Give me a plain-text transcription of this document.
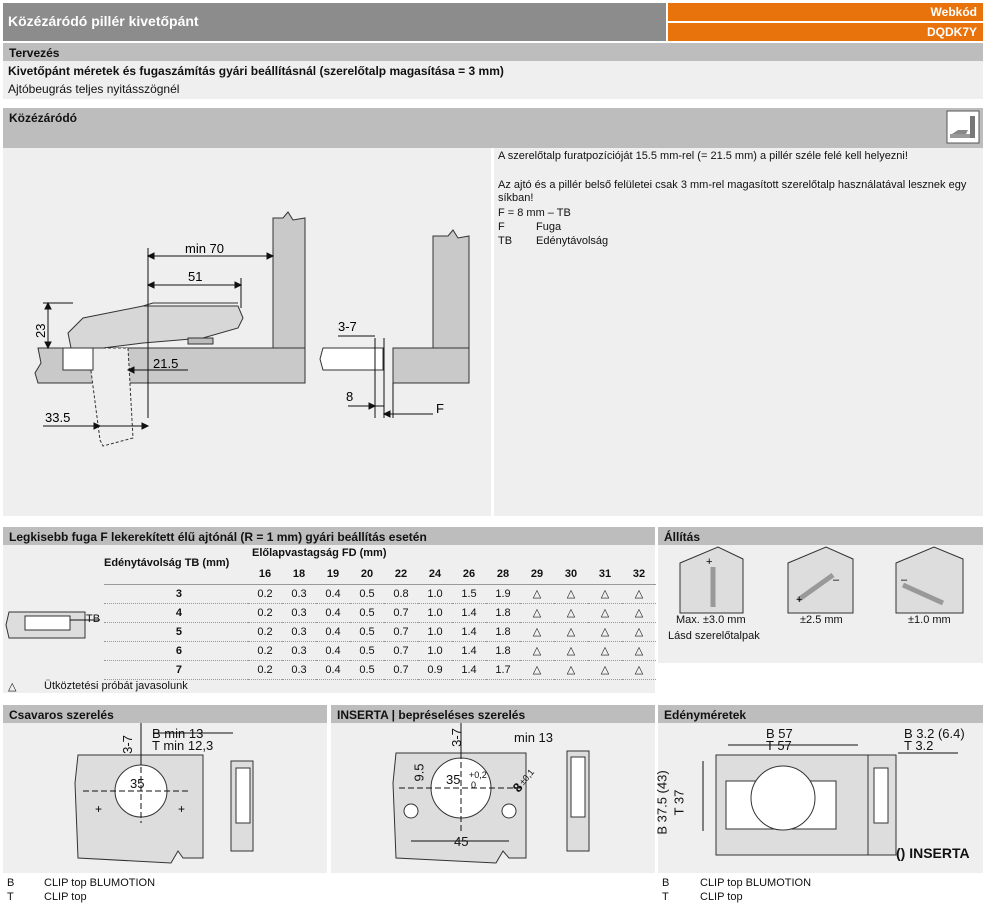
Közézáródó pillér kivetőpánt
Webkód
DQDK7Y
Tervezés
Kivetőpánt méretek és fugaszámítás gyári beállításnál (szerelőtalp magasítása = 3 mm)
Ajtóbeugrás teljes nyitásszögnél
Közézáródó
min 70
51
23
21.5
33.5
3-7
8
F
A szerelőtalp furatpozícióját 15.5 mm-rel (= 21.5 mm) a pillér széle felé kell helyezni!
Az ajtó és a pillér belső felületei csak 3 mm-rel magasított szerelőtalp használatával lesznek egy síkban!
F = 8 mm – TB
F	Fuga
TB Edénytávolság
Legkisebb fuga F lekerekített élű ajtónál (R = 1 mm) gyári beállítás esetén
TB
Edénytávolság TB (mm)
Előlapvastagság FD (mm)
	16	18	19	20	22	24	26	28	29	30	31	32
3	0.2	0.3	0.4	0.5	0.8	1.0	1.5	1.9	△	△	△	△
4	0.2	0.3	0.4	0.5	0.7	1.0	1.4	1.8	△	△	△	△
5	0.2	0.3	0.4	0.5	0.7	1.0	1.4	1.8	△	△	△	△
6	0.2	0.3	0.4	0.5	0.7	1.0	1.4	1.8	△	△	△	△
7	0.2	0.3	0.4	0.5	0.7	0.9	1.4	1.7	△	△	△	△
△	Ütköztetési próbát javasolunk
Állítás
+
+
–	–
Max. ±3.0 mm
Lásd szerelőtalpak
±2.5 mm	±1.0 mm
Csavaros szerelés
+	+
3-7
B min 13
T min 12,3
35
INSERTA | bepréseléses szerelés
3-7	min 13
9.5 35 +0,2
0	8
±0,1
45
Edényméretek
B 57
T 57
B 3.2 (6.4)
T 3.2
B 37.5 (43) T 37
() INSERTA
B	CLIP top BLUMOTION
T	CLIP top
B	CLIP top BLUMOTION
T	CLIP top
